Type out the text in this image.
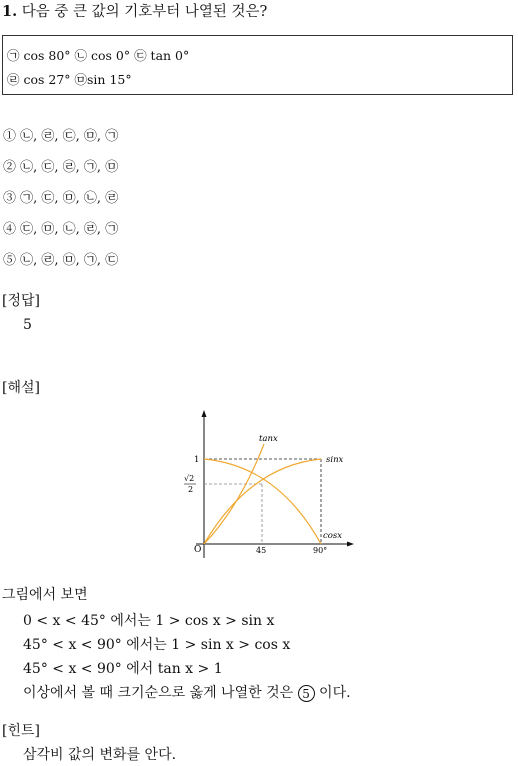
1. 다음 중 큰 값의 기호부터 나열된 것은?
㉠ cos 80° ㉡ cos 0° ㉢ tan 0°
㉣ cos 27° ㉤sin 15°
① ㉡, ㉣, ㉢, ㉤, ㉠
② ㉡, ㉢, ㉣, ㉠, ㉤
③ ㉠, ㉢, ㉤, ㉡, ㉣
④ ㉢, ㉤, ㉡, ㉣, ㉠
⑤ ㉡, ㉣, ㉤, ㉠, ㉢
[정답]
5
[해설]
tanx
sinx
cosx
1
√2
2
O	45	90°
그림에서 보면
0 < x < 45° 에서는 1 > cos x > sin x
45° < x < 90° 에서는 1 > sin x > cos x
45° < x < 90° 에서 tan x > 1
이상에서 볼 때 크기순으로 옳게 나열한 것은 5 이다.
[힌트]
삼각비 값의 변화를 안다.
